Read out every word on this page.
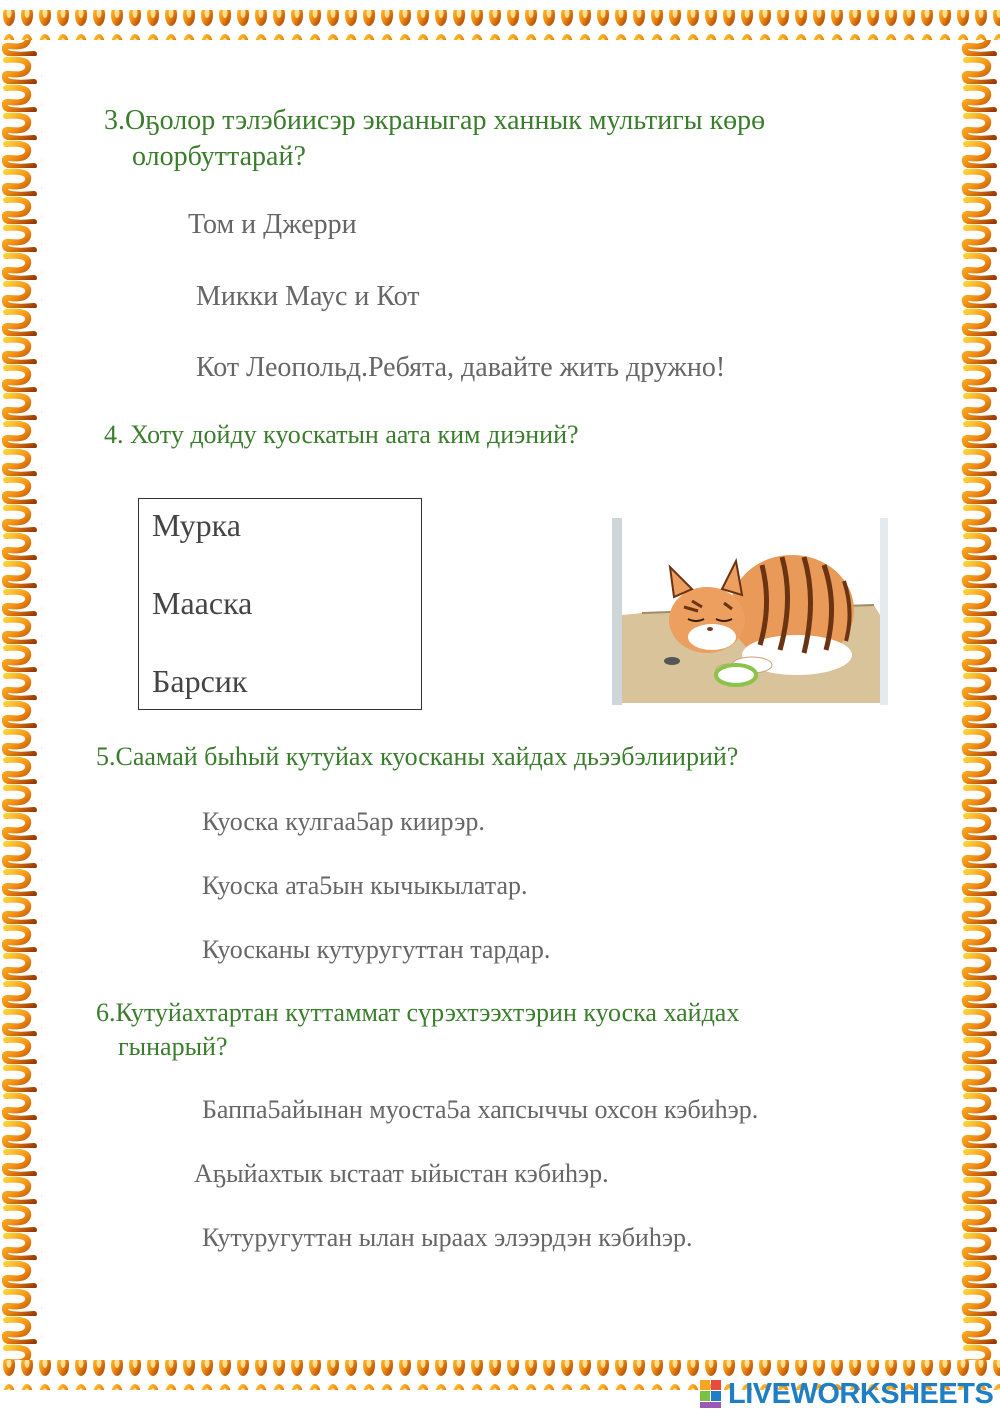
3.Оҕолор тэлэбиисэр экраныгар ханнык мультигы көрө

олорбуттарай?

Том и Джерри
Микки Маус и Кот
Кот Леопольд.Ребята, давайте жить дружно!

4. Хоту дойду куоскатын аата ким диэний?

Мурка
Мааска
Барсик

5.Саамай быһый кутуйах куосканы хайдах дьээбэлиирий?

Куоска кулгаа5ар киирэр.
Куоска ата5ын кычыкылатар.
Куосканы кутуругуттан тардар.

6.Кутуйахтартан куттаммат сүрэхтээхтэрин куоска хайдах

гынарый?

Баппа5айынан муоста5а хапсыччы охсон кэбиһэр.
Аҕыйахтык ыстаат ыйыстан кэбиһэр.
Кутуругуттан ылан ыраах элээрдэн кэбиһэр.
LIVEWORKSHEETS
